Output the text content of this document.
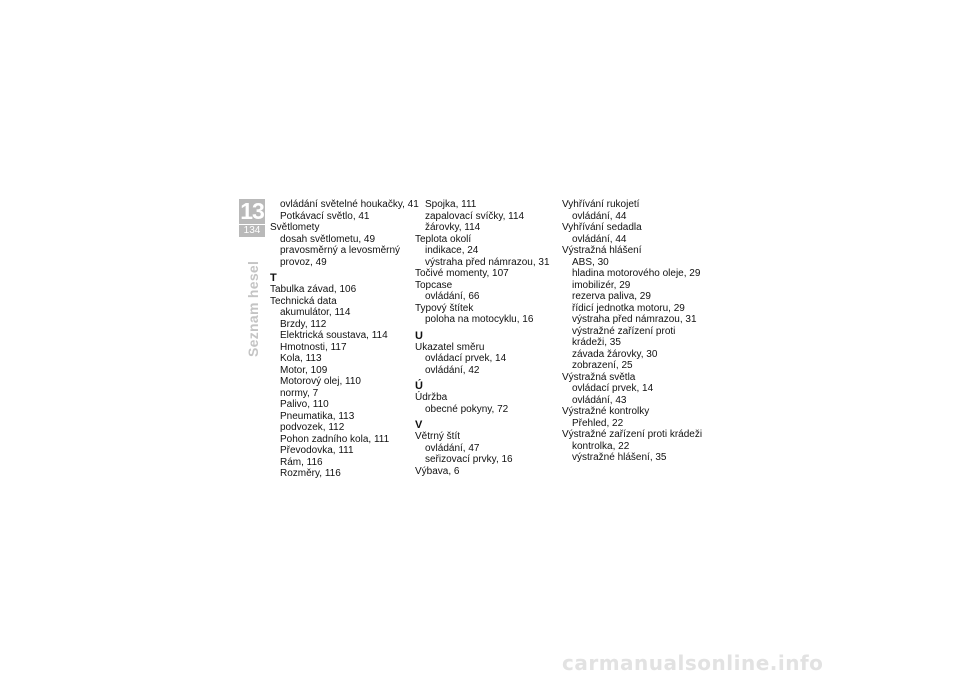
13
134
Seznam hesel
ovládání světelné houkačky, 41
Potkávací světlo, 41
Světlomety
dosah světlometu, 49
pravosměrný a levosměrný
provoz, 49
T
Tabulka závad, 106
Technická data
akumulátor, 114
Brzdy, 112
Elektrická soustava, 114
Hmotnosti, 117
Kola, 113
Motor, 109
Motorový olej, 110
normy, 7
Palivo, 110
Pneumatika, 113
podvozek, 112
Pohon zadního kola, 111
Převodovka, 111
Rám, 116
Rozměry, 116
Spojka, 111
zapalovací svíčky, 114
žárovky, 114
Teplota okolí
indikace, 24
výstraha před námrazou, 31
Točivé momenty, 107
Topcase
ovládání, 66
Typový štítek
poloha na motocyklu, 16
U
Ukazatel směru
ovládací prvek, 14
ovládání, 42
Ú
Údržba
obecné pokyny, 72
V
Větrný štít
ovládání, 47
seřizovací prvky, 16
Výbava, 6
Vyhřívání rukojetí
ovládání, 44
Vyhřívání sedadla
ovládání, 44
Výstražná hlášení
ABS, 30
hladina motorového oleje, 29
imobilizér, 29
rezerva paliva, 29
řídicí jednotka motoru, 29
výstraha před námrazou, 31
výstražné zařízení proti
krádeži, 35
závada žárovky, 30
zobrazení, 25
Výstražná světla
ovládací prvek, 14
ovládání, 43
Výstražné kontrolky
Přehled, 22
Výstražné zařízení proti krádeži
kontrolka, 22
výstražné hlášení, 35
carmanualsonline.info
